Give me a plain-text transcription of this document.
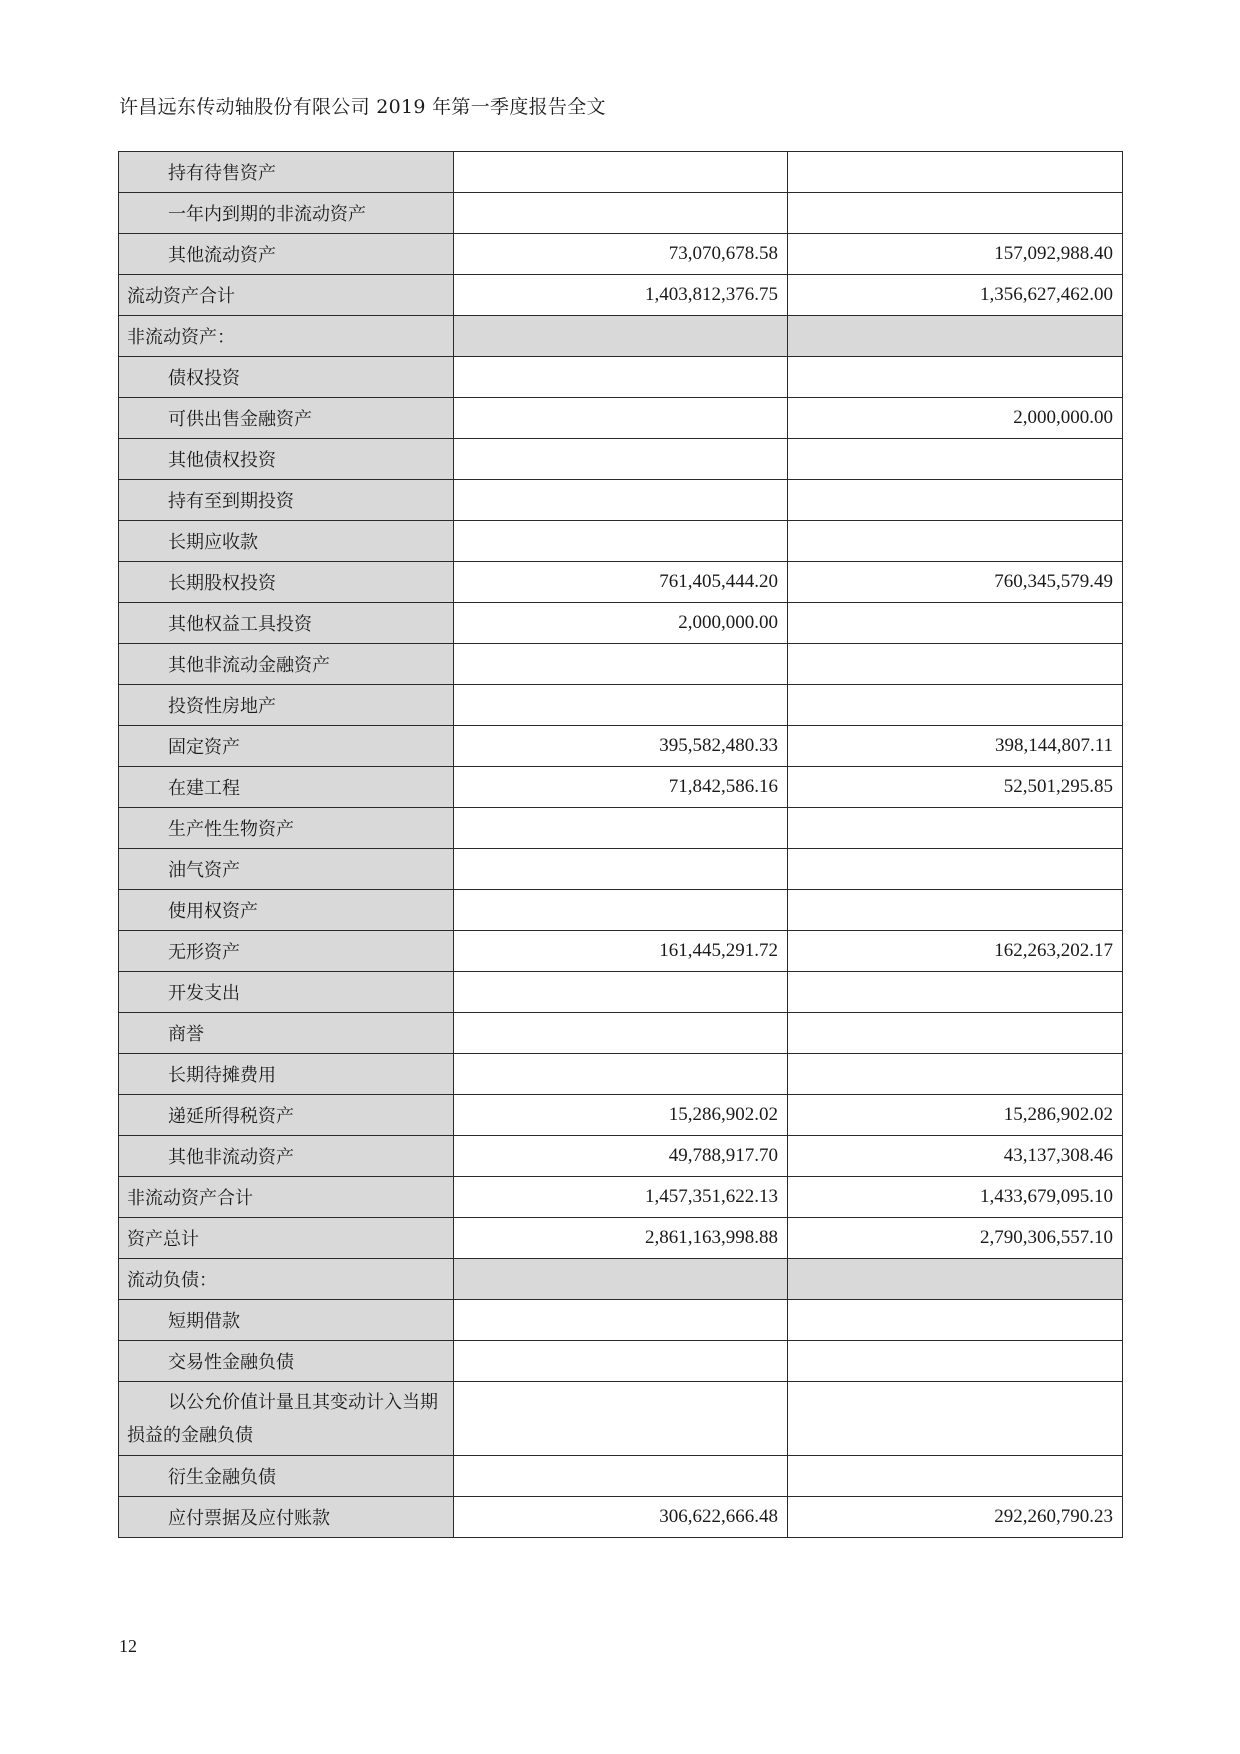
许昌远东传动轴股份有限公司 2019 年第一季度报告全文
持有待售资产		
一年内到期的非流动资产		
其他流动资产	73,070,678.58	157,092,988.40
流动资产合计	1,403,812,376.75	1,356,627,462.00
非流动资产：		
债权投资		
可供出售金融资产		2,000,000.00
其他债权投资		
持有至到期投资		
长期应收款		
长期股权投资	761,405,444.20	760,345,579.49
其他权益工具投资	2,000,000.00	
其他非流动金融资产		
投资性房地产		
固定资产	395,582,480.33	398,144,807.11
在建工程	71,842,586.16	52,501,295.85
生产性生物资产		
油气资产		
使用权资产		
无形资产	161,445,291.72	162,263,202.17
开发支出		
商誉		
长期待摊费用		
递延所得税资产	15,286,902.02	15,286,902.02
其他非流动资产	49,788,917.70	43,137,308.46
非流动资产合计	1,457,351,622.13	1,433,679,095.10
资产总计	2,861,163,998.88	2,790,306,557.10
流动负债：		
短期借款		
交易性金融负债		
以公允价值计量且其变动计入当期损益的金融负债		
衍生金融负债		
应付票据及应付账款	306,622,666.48	292,260,790.23
12
